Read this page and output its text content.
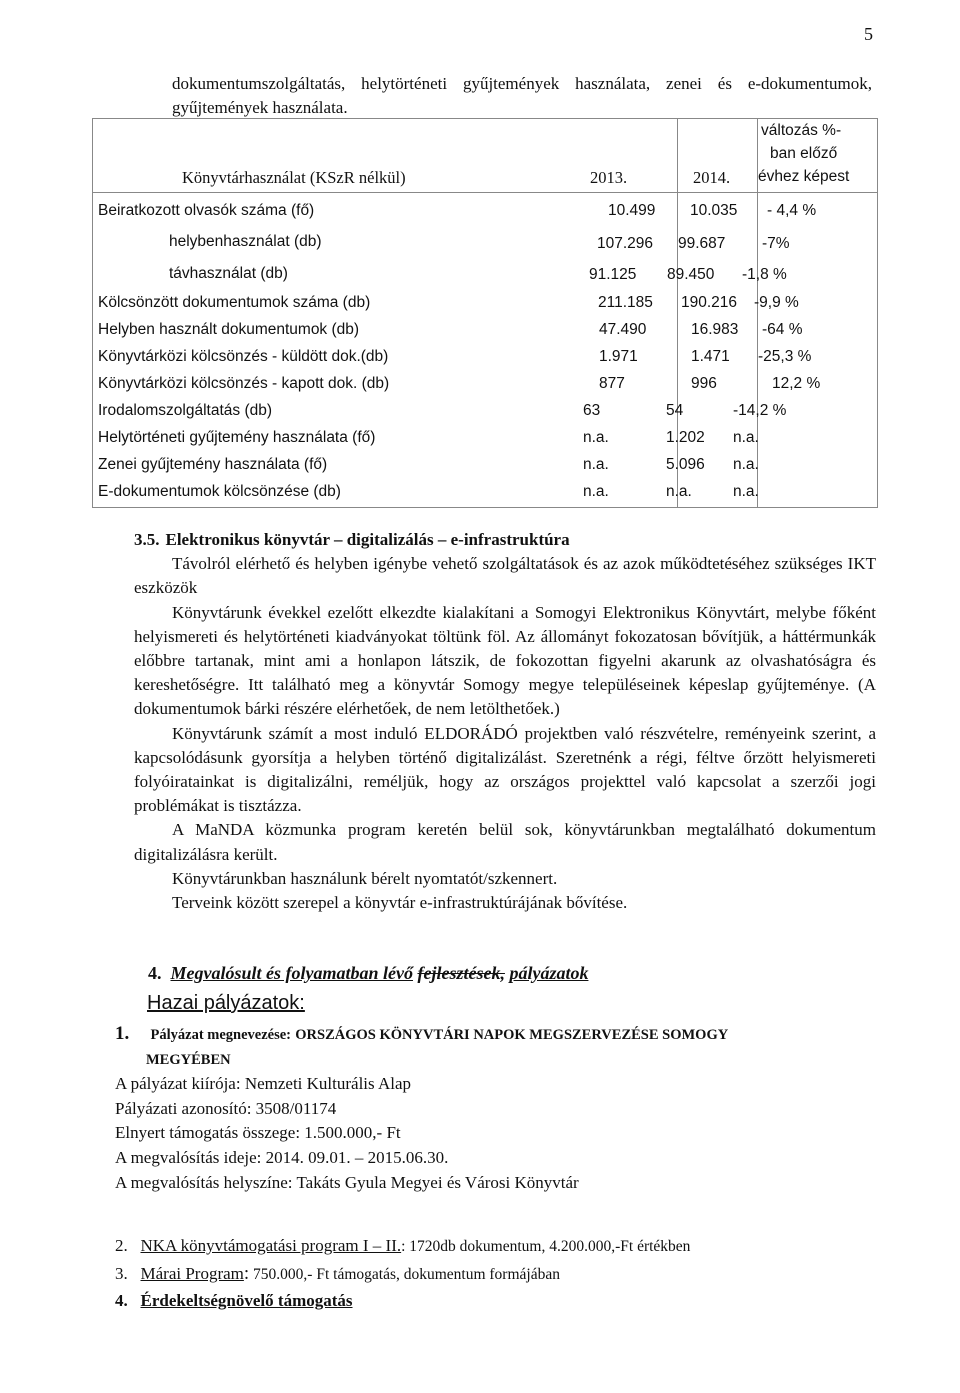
5
dokumentumszolgáltatás, helytörténeti gyűjtemények használata, zenei és e-dokumentumok, gyűjtemények használata.
Könyvtárhasználat (KSzR nélkül)	2013.	2014.
változás %-
ban előző
évhez képest
Beiratkozott olvasók száma (fő)	10.499 10.035 - 4,4 %
helybenhasználat (db)	107.296 99.687 -7%
távhasználat (db)	91.125 89.450 -1,8 %
Kölcsönzött dokumentumok száma (db)	211.185 190.216 -9,9 %
Helyben használt dokumentumok (db)	47.490	16.983 -64 %
Könyvtárközi kölcsönzés - küldött dok.(db)	1.971	1.471 -25,3 %
Könyvtárközi kölcsönzés - kapott dok. (db)	877	996	12,2 %
Irodalomszolgáltatás (db)	63	54	-14,2 %
Helytörténeti gyűjtemény használata (fő)	n.a.	1.202 n.a.
Zenei gyűjtemény használata (fő)	n.a.	5.096 n.a.
E-dokumentumok kölcsönzése (db)	n.a.	n.a.	n.a.

3.5. Elektronikus könyvtár – digitalizálás – e-infrastruktúra

Távolról elérhető és helyben igénybe vehető szolgáltatások és az azok működtetéséhez szükséges IKT eszközök

Könyvtárunk évekkel ezelőtt elkezdte kialakítani a Somogyi Elektronikus Könyvtárt, melybe főként helyismereti és helytörténeti kiadványokat töltünk föl. Az állományt fokozatosan bővítjük, a háttérmunkák előbbre tartanak, mint ami a honlapon látszik, de fokozottan figyelni akarunk az olvashatóságra és kereshetőségre. Itt található meg a könyvtár Somogy megye településeinek képeslap gyűjteménye. (A dokumentumok bárki részére elérhetőek, de nem letölthetőek.)

Könyvtárunk számít a most induló ELDORÁDÓ projektben való részvételre, reményeink szerint, a kapcsolódásunk gyorsítja a helyben történő digitalizálást. Szeretnénk a régi, féltve őrzött helyismereti folyóiratainkat is digitalizálni, reméljük, hogy az országos projekttel való kapcsolat a szerzői jogi problémákat is tisztázza.

A MaNDA közmunka program keretén belül sok, könyvtárunkban megtalálható dokumentum digitalizálásra került.

Könyvtárunkban használunk bérelt nyomtatót/szkennert.

Terveink között szerepel a könyvtár e-infrastruktúrájának bővítése.

4. Megvalósult és folyamatban lévő fejlesztések, pályázatok
Hazai pályázatok:
1. Pályázat megnevezése: ORSZÁGOS KÖNYVTÁRI NAPOK MEGSZERVEZÉSE SOMOGY
MEGYÉBEN
A pályázat kiírója: Nemzeti Kulturális Alap
Pályázati azonosító: 3508/01174
Elnyert támogatás összege: 1.500.000,- Ft
A megvalósítás ideje: 2014. 09.01. – 2015.06.30.
A megvalósítás helyszíne: Takáts Gyula Megyei és Városi Könyvtár
2. NKA könyvtámogatási program I – II.: 1720db dokumentum, 4.200.000,-Ft értékben
3. Márai Program: 750.000,- Ft támogatás, dokumentum formájában
4. Érdekeltségnövelő támogatás
